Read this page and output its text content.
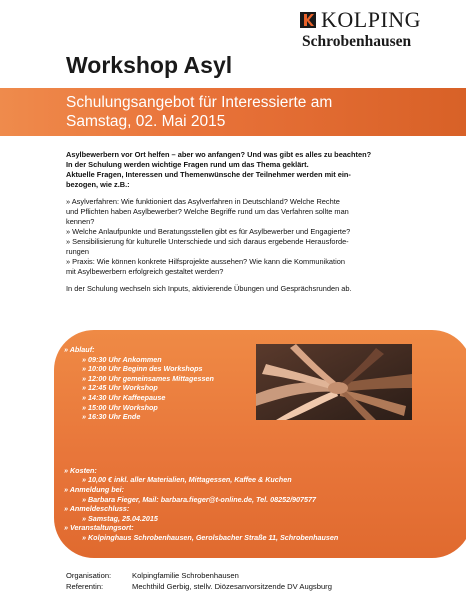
KOLPING
Schrobenhausen
Workshop Asyl
Schulungsangebot für Interessierte am
Samstag, 02. Mai 2015

Asylbewerbern vor Ort helfen – aber wo anfangen? Und was gibt es alles zu beachten?
In der Schulung werden wichtige Fragen rund um das Thema geklärt.
Aktuelle Fragen, Interessen und Themenwünsche der Teilnehmer werden mit ein-
bezogen, wie z.B.:

» Asylverfahren: Wie funktioniert das Asylverfahren in Deutschland? Welche Rechte
und Pflichten haben Asylbewerber? Welche Begriffe rund um das Verfahren sollte man
kennen?
» Welche Anlaufpunkte und Beratungsstellen gibt es für Asylbewerber und Engagierte?
» Sensibilisierung für kulturelle Unterschiede und sich daraus ergebende Herausforde-
rungen
» Praxis: Wie können konkrete Hilfsprojekte aussehen? Wie kann die Kommunikation
mit Asylbewerbern erfolgreich gestaltet werden?

In der Schulung wechseln sich Inputs, aktivierende Übungen und Gesprächsrunden ab.

» Ablauf:
» 09:30 Uhr Ankommen
» 10:00 Uhr Beginn des Workshops
» 12:00 Uhr gemeinsames Mittagessen
» 12:45 Uhr Workshop
» 14:30 Uhr Kaffeepause
» 15:00 Uhr Workshop
» 16:30 Uhr Ende
» Kosten:
» 10,00 € inkl. aller Materialien, Mittagessen, Kaffee & Kuchen
» Anmeldung bei:
» Barbara Fieger, Mail: barbara.fieger@t-online.de, Tel. 08252/907577
» Anmeldeschluss:
» Samstag, 25.04.2015
» Veranstaltungsort:
» Kolpinghaus Schrobenhausen, Gerolsbacher Straße 11, Schrobenhausen
Organisation:	Kolpingfamilie Schrobenhausen
Referentin:	Mechthild Gerbig, stellv. Diözesanvorsitzende DV Augsburg
